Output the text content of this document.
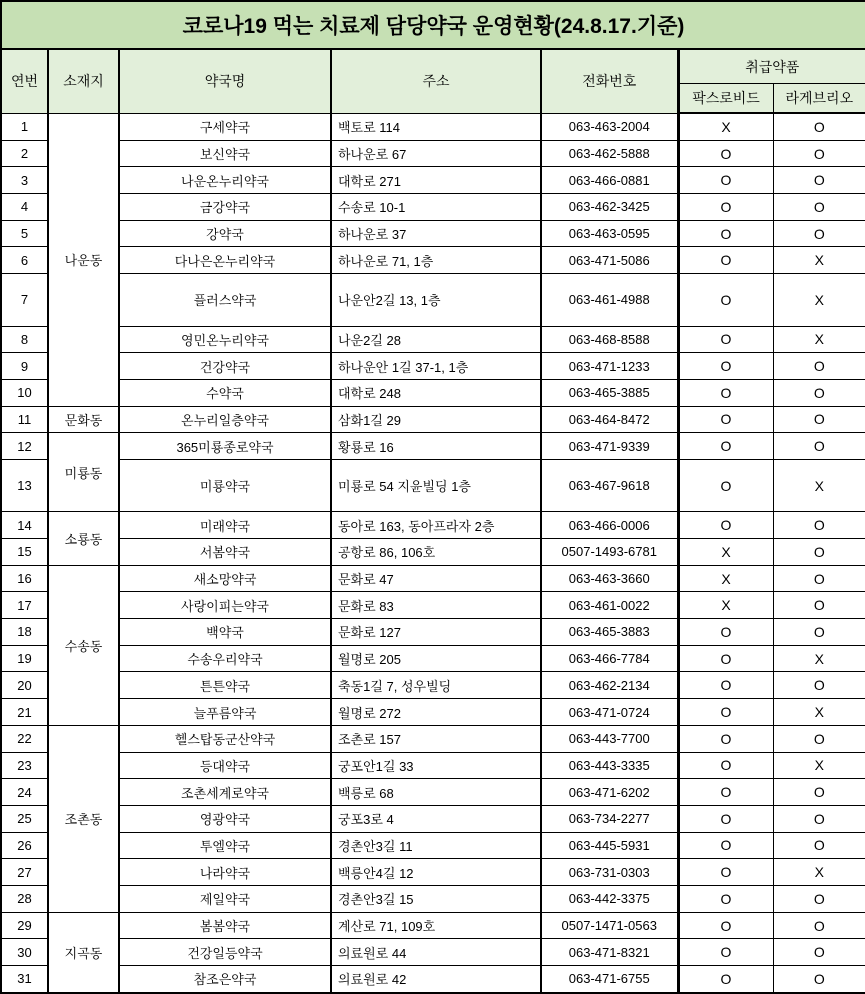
코로나19 먹는 치료제 담당약국 운영현황(24.8.17.기준)						
연번	소재지	약국명	주소	전화번호	취급약품	
					팍스로비드	라게브리오
1	나운동	구세약국	백토로 114	063-463-2004	X	O
2		보신약국	하나운로 67	063-462-5888	O	O
3		나운온누리약국	대학로 271	063-466-0881	O	O
4		금강약국	수송로 10-1	063-462-3425	O	O
5		강약국	하나운로 37	063-463-0595	O	O
6		다나은온누리약국	하나운로 71, 1층	063-471-5086	O	X
7		플러스약국	나운안2길 13, 1층	063-461-4988	O	X
8		영민온누리약국	나운2길 28	063-468-8588	O	X
9		건강약국	하나운안 1길 37-1, 1층	063-471-1233	O	O
10		수약국	대학로 248	063-465-3885	O	O
11	문화동	온누리일층약국	삼화1길 29	063-464-8472	O	O
12	미룡동	365미룡종로약국	황룡로 16	063-471-9339	O	O
13		미룡약국	미룡로 54 지윤빌딩 1층	063-467-9618	O	X
14	소룡동	미래약국	동아로 163, 동아프라자 2층	063-466-0006	O	O
15		서봄약국	공항로 86, 106호	0507-1493-6781	X	O
16	수송동	새소망약국	문화로 47	063-463-3660	X	O
17		사랑이피는약국	문화로 83	063-461-0022	X	O
18		백약국	문화로 127	063-465-3883	O	O
19		수송우리약국	월명로 205	063-466-7784	O	X
20		튼튼약국	축동1길 7, 성우빌딩	063-462-2134	O	O
21		늘푸름약국	월명로 272	063-471-0724	O	X
22	조촌동	헬스탑동군산약국	조촌로 157	063-443-7700	O	O
23		등대약국	궁포안1길 33	063-443-3335	O	X
24		조촌세계로약국	백릉로 68	063-471-6202	O	O
25		영광약국	궁포3로 4	063-734-2277	O	O
26		투엘약국	경촌안3길 11	063-445-5931	O	O
27		나라약국	백릉안4길 12	063-731-0303	O	X
28		제일약국	경촌안3길 15	063-442-3375	O	O
29	지곡동	봄봄약국	계산로 71, 109호	0507-1471-0563	O	O
30		건강일등약국	의료원로 44	063-471-8321	O	O
31		참조은약국	의료원로 42	063-471-6755	O	O
